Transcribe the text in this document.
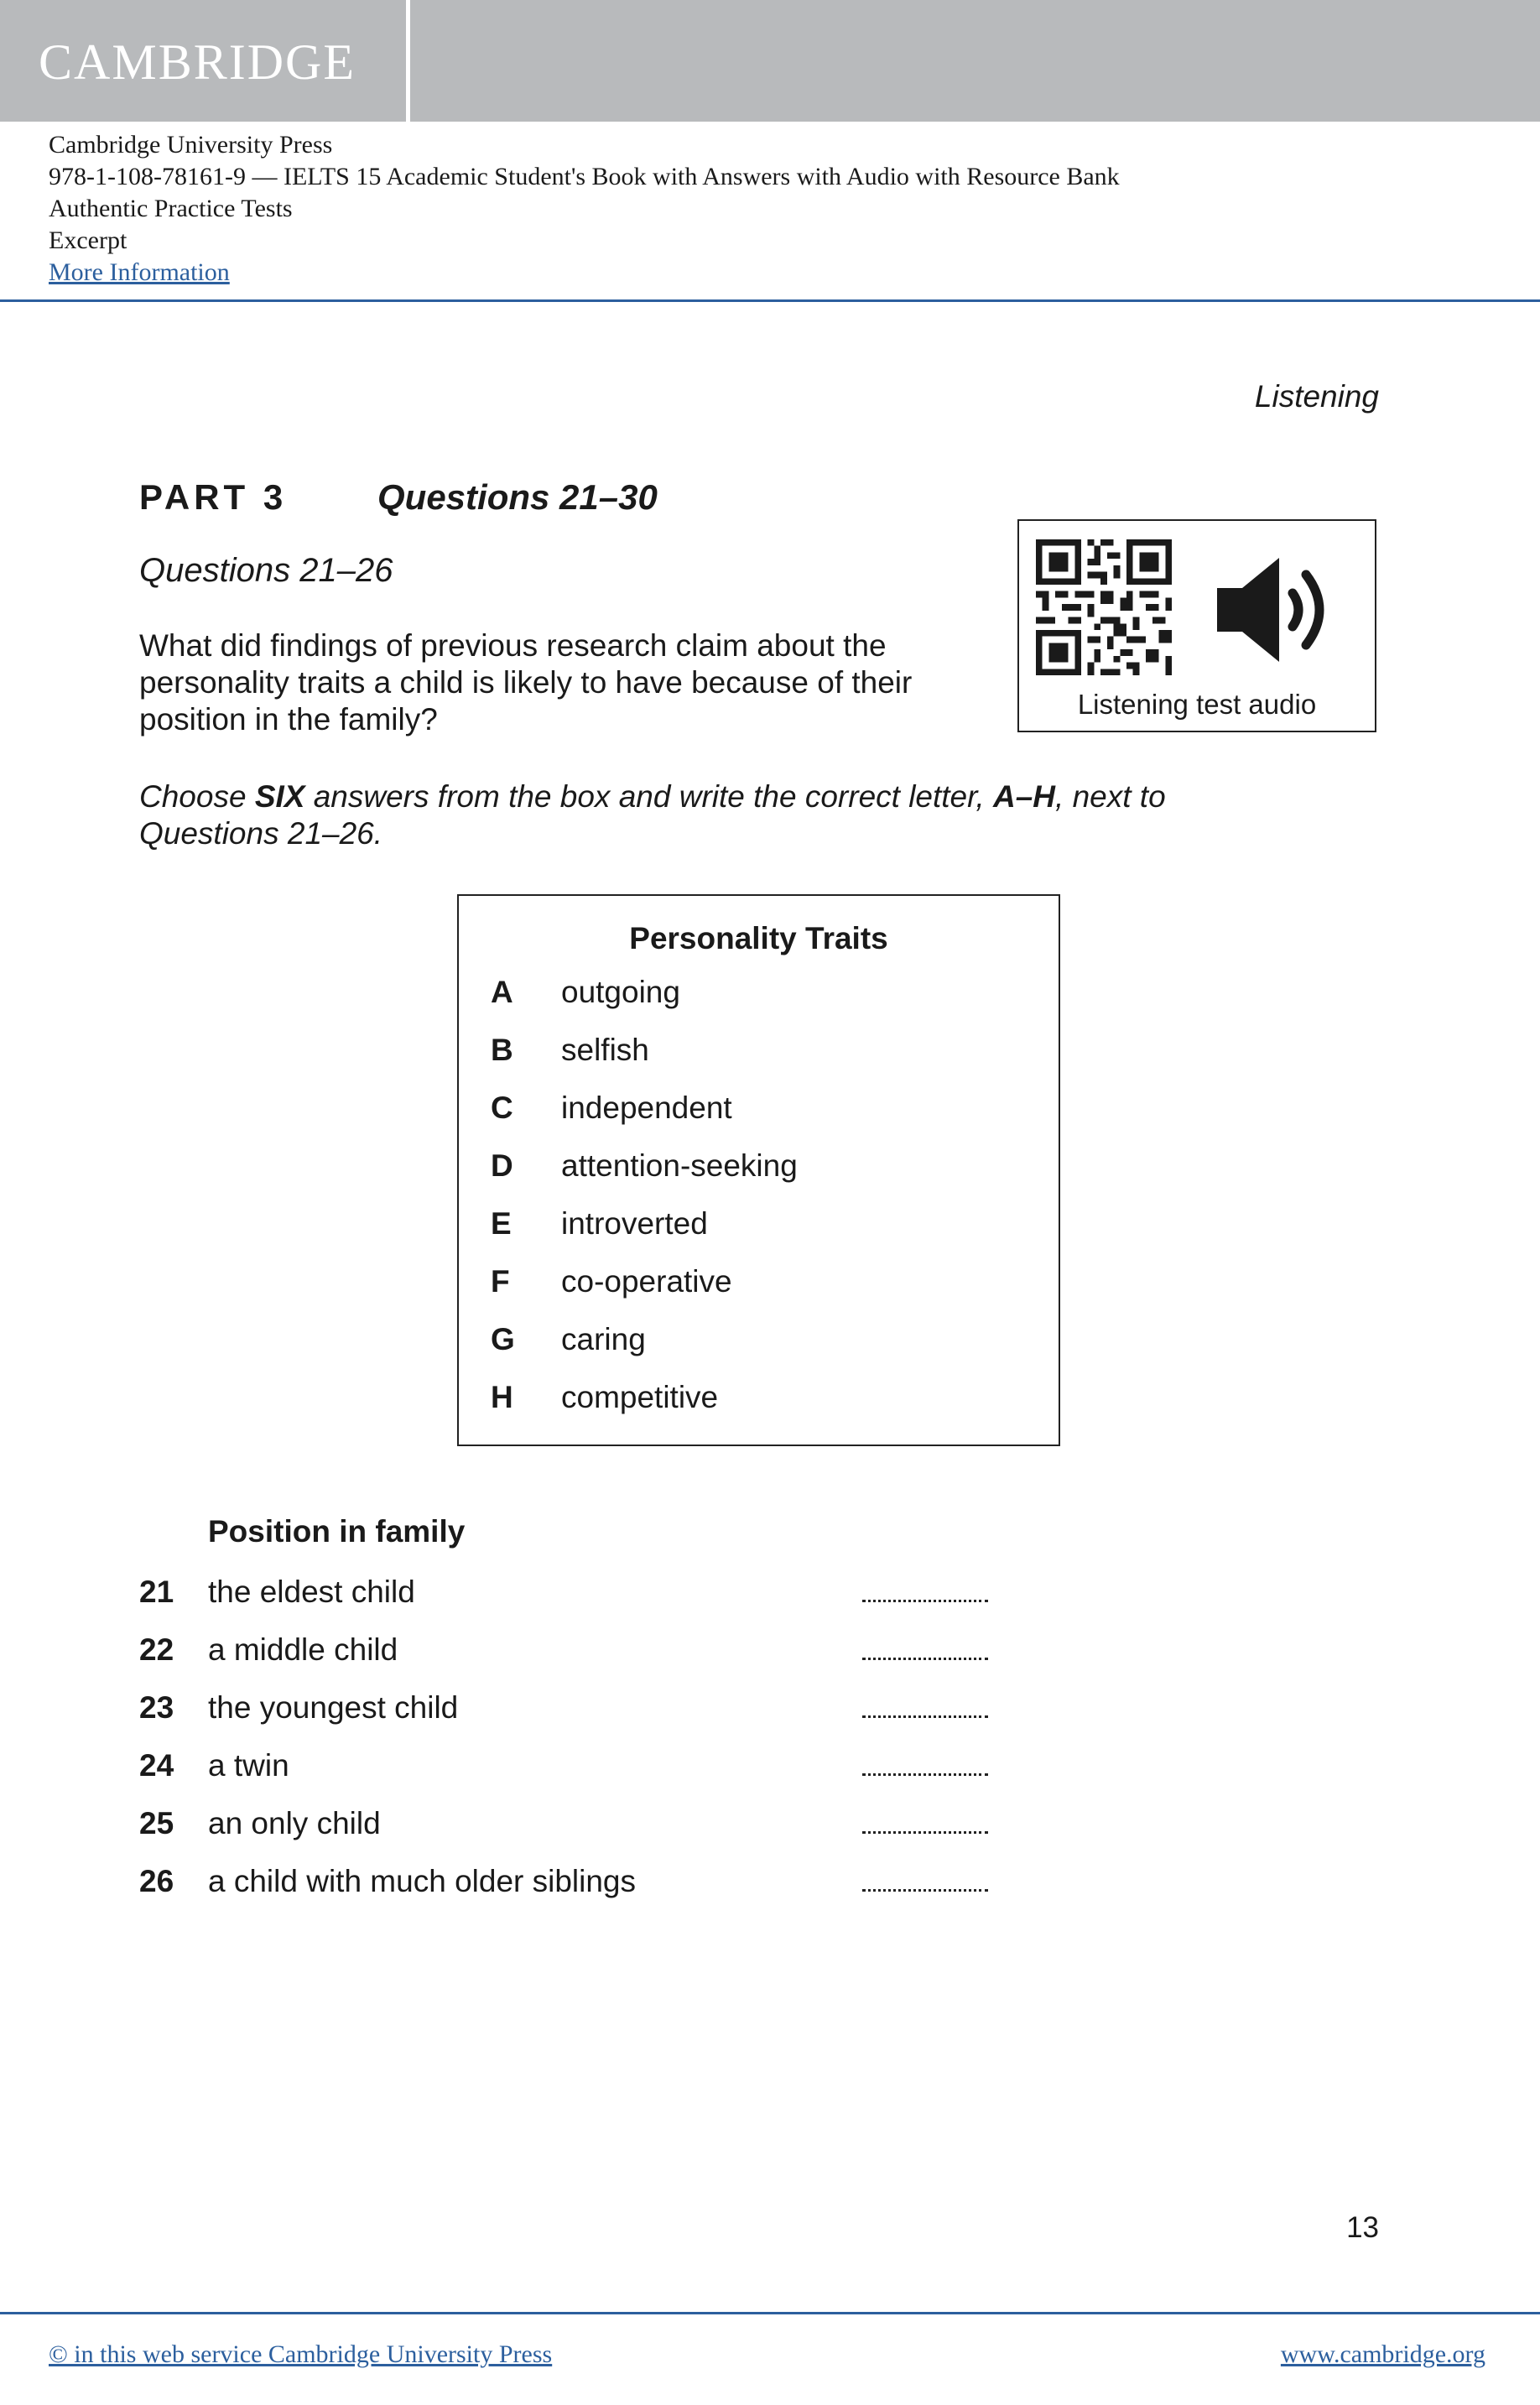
CAMBRIDGE
Cambridge University Press
978-1-108-78161-9 — IELTS 15 Academic Student's Book with Answers with Audio with Resource Bank
Authentic Practice Tests
Excerpt
More Information
Listening
PART 3	Questions 21–30
Questions 21–26
What did findings of previous research claim about the personality traits a child is likely to have because of their position in the family?
Choose SIX answers from the box and write the correct letter, A–H, next to Questions 21–26.
Listening test audio
Personality Traits
A outgoing
B selfish
C independent
D attention-seeking
E introverted
F co-operative
G caring
H competitive
Position in family
21 the eldest child
22 a middle child
23 the youngest child
24 a twin
25 an only child
26 a child with much older siblings
13
© in this web service Cambridge University Press	www.cambridge.org
